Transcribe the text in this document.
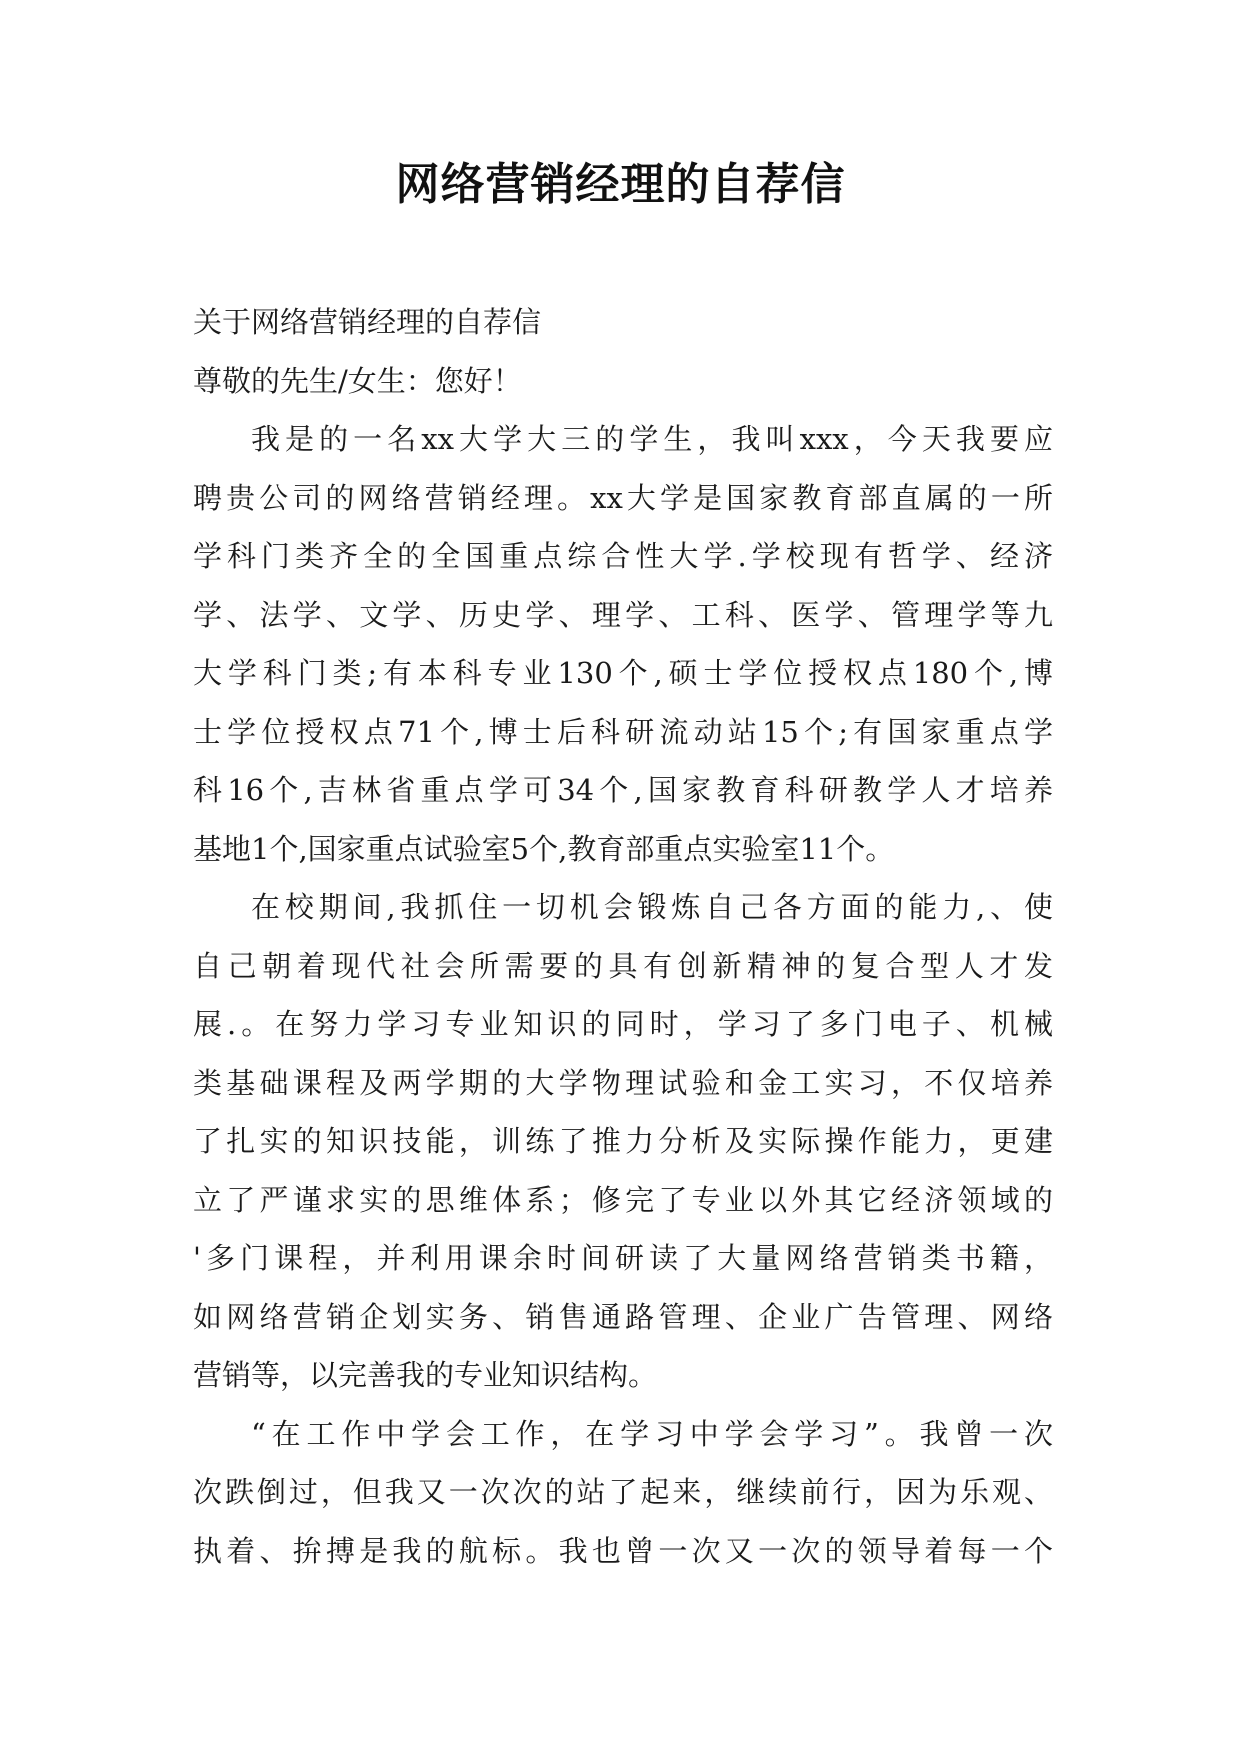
网络营销经理的自荐信
关于网络营销经理的自荐信
尊敬的先生/女生：您好！
我是的一名xx大学大三的学生，我叫xxx，今天我要应
聘贵公司的网络营销经理。xx大学是国家教育部直属的一所
学科门类齐全的全国重点综合性大学.学校现有哲学、经济
学、法学、文学、历史学、理学、工科、医学、管理学等九
大学科门类;有本科专业130个,硕士学位授权点180个,博
士学位授权点71个,博士后科研流动站15个;有国家重点学
科16个,吉林省重点学可34个,国家教育科研教学人才培养
基地1个,国家重点试验室5个,教育部重点实验室11个。
在校期间,我抓住一切机会锻炼自己各方面的能力,、使
自己朝着现代社会所需要的具有创新精神的复合型人才发
展.。在努力学习专业知识的同时，学习了多门电子、机械
类基础课程及两学期的大学物理试验和金工实习，不仅培养
了扎实的知识技能，训练了推力分析及实际操作能力，更建
立了严谨求实的思维体系；修完了专业以外其它经济领域的
'多门课程，并利用课余时间研读了大量网络营销类书籍，
如网络营销企划实务、销售通路管理、企业广告管理、网络
营销等，以完善我的专业知识结构。
“在工作中学会工作，在学习中学会学习”。我曾一次
次跌倒过，但我又一次次的站了起来，继续前行，因为乐观、
执着、拚搏是我的航标。我也曾一次又一次的领导着每一个
